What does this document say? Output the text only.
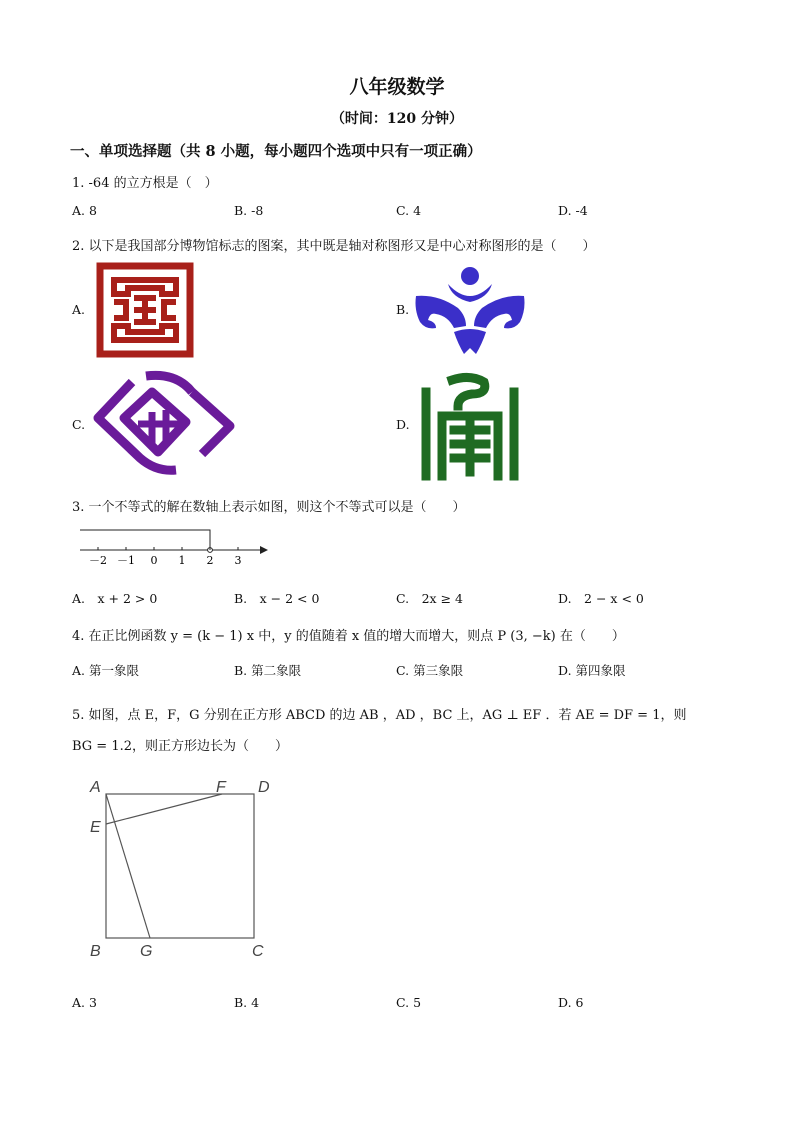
八年级数学
（时间：120 分钟）
一、单项选择题（共 8 小题，每小题四个选项中只有一项正确）
1. -64 的立方根是（　）
A. 8	B. -8	C. 4	D. -4
2. 以下是我国部分博物馆标志的图案，其中既是轴对称图形又是中心对称图形的是（　　）
A.	B.
C.	D.
3. 一个不等式的解在数轴上表示如图，则这个不等式可以是（　　）
－2 －1 0 1 2 3
A.　x + 2 > 0	B.　x − 2 < 0	C.　2x ≥ 4	D.　2 − x < 0
4. 在正比例函数 y = (k − 1) x 中，y 的值随着 x 值的增大而增大，则点 P (3, −k) 在（　　）
A. 第一象限	B. 第二象限	C. 第三象限	D. 第四象限
5. 如图，点 E，F，G 分别在正方形 ABCD 的边 AB ，AD ，BC 上，AG ⊥ EF ．若 AE = DF = 1，则
BG = 1.2，则正方形边长为（　　）
A	F D
E
B G	C
A. 3	B. 4	C. 5	D. 6
